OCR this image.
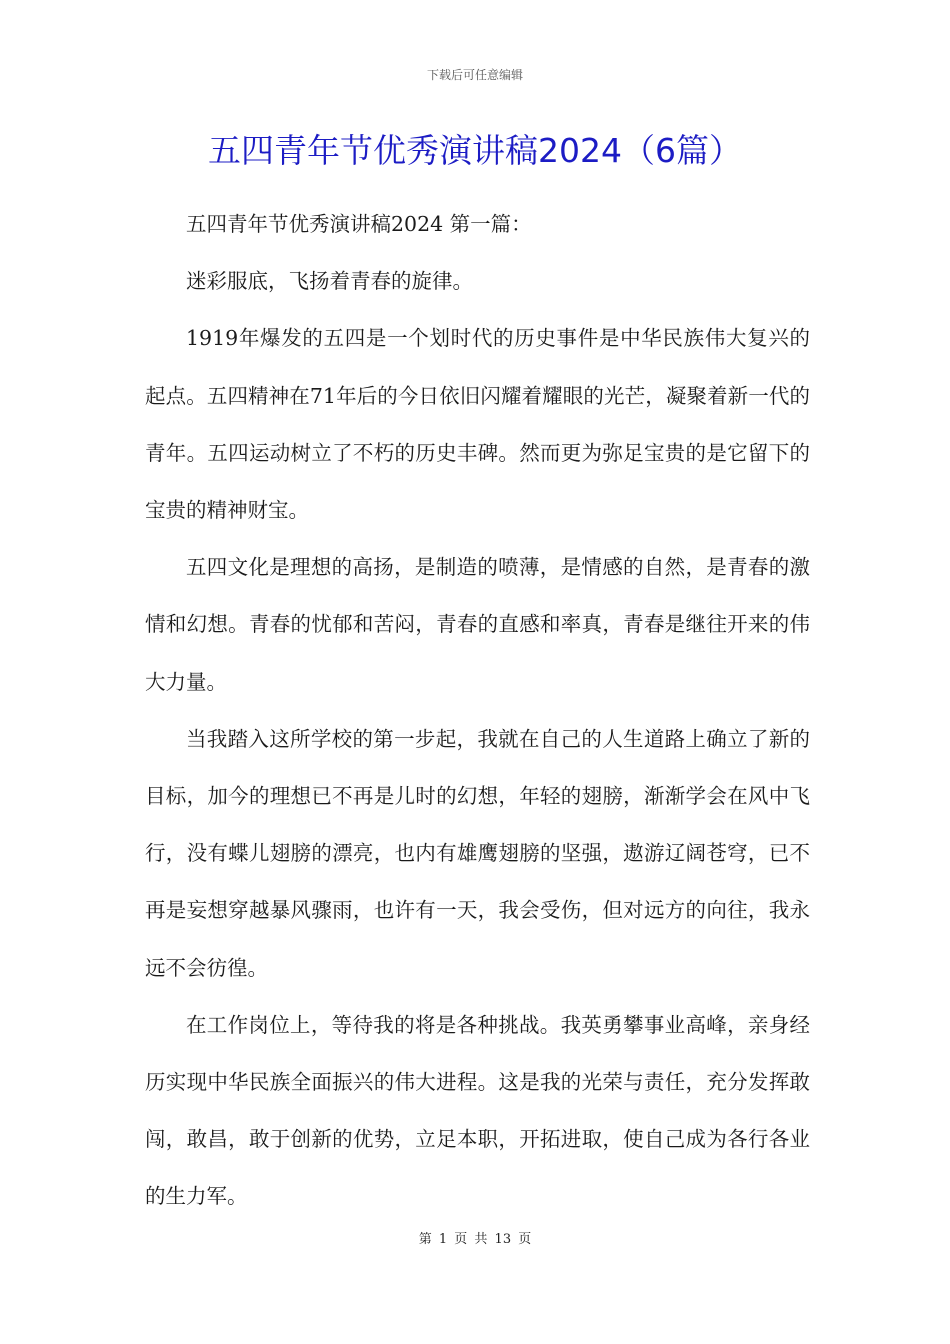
下载后可任意编辑
五四青年节优秀演讲稿2024（6篇）

五四青年节优秀演讲稿2024 第一篇：

迷彩服底，飞扬着青春的旋律。

1919年爆发的五四是一个划时代的历史事件是中华民族伟大复兴的起点。五四精神在71年后的今日依旧闪耀着耀眼的光芒，凝聚着新一代的青年。五四运动树立了不朽的历史丰碑。然而更为弥足宝贵的是它留下的宝贵的精神财宝。

五四文化是理想的高扬，是制造的喷薄，是情感的自然，是青春的激情和幻想。青春的忧郁和苦闷，青春的直感和率真，青春是继往开来的伟大力量。

当我踏入这所学校的第一步起，我就在自己的人生道路上确立了新的目标，加今的理想已不再是儿时的幻想，年轻的翅膀，渐渐学会在风中飞行，没有蝶儿翅膀的漂亮，也内有雄鹰翅膀的坚强，遨游辽阔苍穹，已不再是妄想穿越暴风骤雨，也许有一天，我会受伤，但对远方的向往，我永远不会彷徨。

在工作岗位上，等待我的将是各种挑战。我英勇攀事业高峰，亲身经历实现中华民族全面振兴的伟大进程。这是我的光荣与责任，充分发挥敢闯，敢昌，敢于创新的优势，立足本职，开拓进取，使自己成为各行各业的生力军。

第 1 页 共 13 页
